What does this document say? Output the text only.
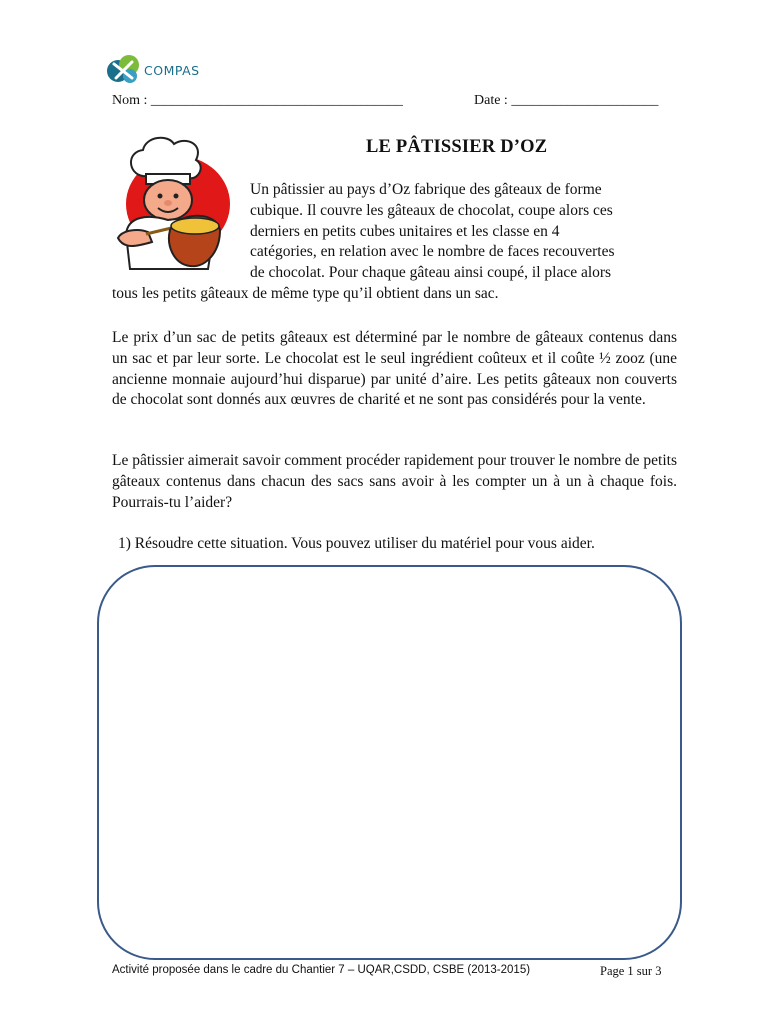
COMPAS
Nom : ____________________________________	Date : _____________________
LE PÂTISSIER D’OZ
Un pâtissier au pays d’Oz fabrique des gâteaux de forme
cubique. Il couvre les gâteaux de chocolat, coupe alors ces
derniers en petits cubes unitaires et les classe en 4
catégories, en relation avec le nombre de faces recouvertes
de chocolat. Pour chaque gâteau ainsi coupé, il place alors
tous les petits gâteaux de même type qu’il obtient dans un sac.
Le prix d’un sac de petits gâteaux est déterminé par le nombre de gâteaux contenus dans un sac et par leur sorte. Le chocolat est le seul ingrédient coûteux et il coûte ½ zooz (une ancienne monnaie aujourd’hui disparue) par unité d’aire. Les petits gâteaux non couverts de chocolat sont donnés aux œuvres de charité et ne sont pas considérés pour la vente.
Le pâtissier aimerait savoir comment procéder rapidement pour trouver le nombre de petits gâteaux contenus dans chacun des sacs sans avoir à les compter un à un à chaque fois. Pourrais-tu l’aider?
1) Résoudre cette situation. Vous pouvez utiliser du matériel pour vous aider.
Activité proposée dans le cadre du Chantier 7 – UQAR,CSDD, CSBE (2013-2015)	Page 1 sur 3
